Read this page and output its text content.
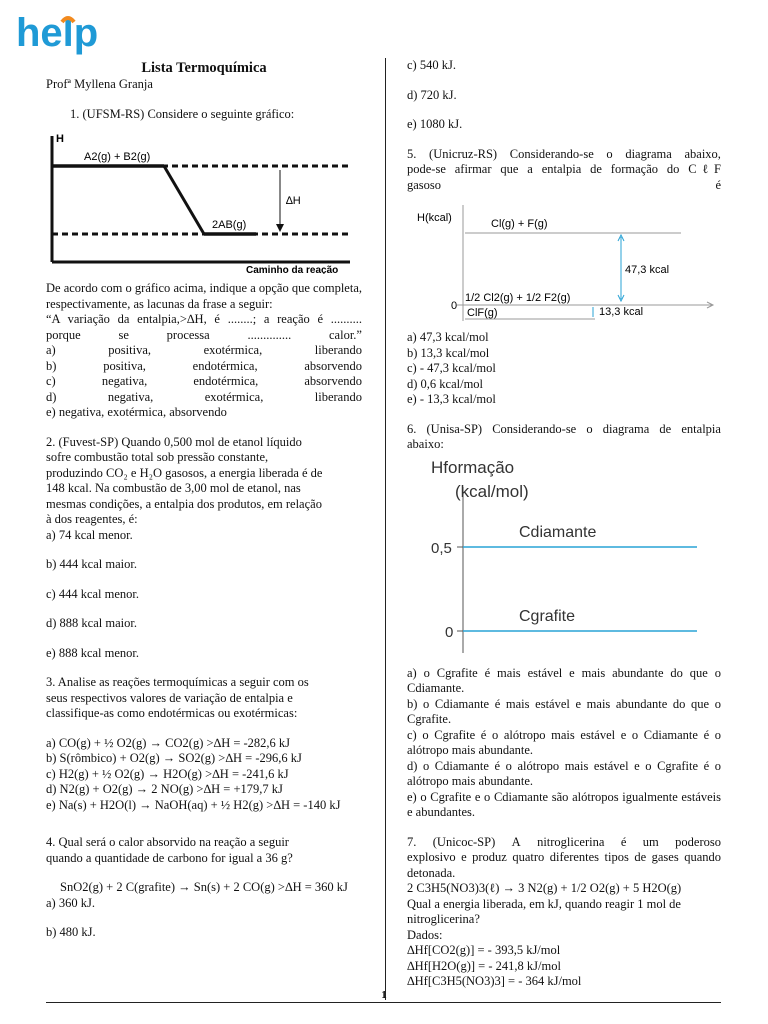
help
Lista Termoquímica

Profª Myllena Granja

1. (UFSM-RS) Considere o seguinte gráfico:

H
A2(g) + B2(g)
∆H
2AB(g)
Caminho da reação

De acordo com o gráfico acima, indique a opção que completa, respectivamente, as lacunas da frase a seguir:

“A variação da entalpia,>∆H, é ........; a reação é ..........

porque	se	processa	..............	calor.”
a)	positiva,	exotérmica,	liberando
b)	positiva,	endotérmica,	absorvendo
c)	negativa,	endotérmica,	absorvendo
d)	negativa,	exotérmica,	liberando

e) negativa, exotérmica, absorvendo

2. (Fuvest-SP) Quando 0,500 mol de etanol líquido

sofre combustão total sob pressão constante,

produzindo CO₂ e H₂O gasosos, a energia liberada é de

148 kcal. Na combustão de 3,00 mol de etanol, nas

mesmas condições, a entalpia dos produtos, em relação

à dos reagentes, é:

a) 74 kcal menor.

b) 444 kcal maior.

c) 444 kcal menor.

d) 888 kcal maior.

e) 888 kcal menor.

3. Analise as reações termoquímicas a seguir com os

seus respectivos valores de variação de entalpia e

classifique-as como endotérmicas ou exotérmicas:

a) CO(g) + ½ O2(g) → CO2(g) >∆H = -282,6 kJ

b) S(rômbico) + O2(g) → SO2(g) >∆H = -296,6 kJ

c) H2(g) + ½ O2(g) → H2O(g) >∆H = -241,6 kJ

d) N2(g) + O2(g) → 2 NO(g) >∆H = +179,7 kJ

e) Na(s) + H2O(l) → NaOH(aq) + ½ H2(g) >∆H = -140 kJ

4. Qual será o calor absorvido na reação a seguir

quando a quantidade de carbono for igual a 36 g?

SnO2(g) + 2 C(grafite) → Sn(s) + 2 CO(g) >∆H = 360 kJ

a) 360 kJ.

b) 480 kJ.

c) 540 kJ.

d) 720 kJ.

e) 1080 kJ.

5. (Unicruz-RS) Considerando-se o diagrama abaixo,

pode-se afirmar que a entalpia de formação do CℓF

gasoso	é
H(kcal)	Cl(g) + F(g)
47,3 kcal
1/2 Cl2(g) + 1/2 F2(g)
0
ClF(g)	13,3 kcal

a) 47,3 kcal/mol

b) 13,3 kcal/mol

c) - 47,3 kcal/mol

d) 0,6 kcal/mol

e) - 13,3 kcal/mol

6. (Unisa-SP) Considerando-se o diagrama de entalpia

abaixo:

Hformação
(kcal/mol)
0,5
0
Cdiamante
Cgrafite

a) o Cgrafite é mais estável e mais abundante do que o Cdiamante.

b) o Cdiamante é mais estável e mais abundante do que o Cgrafite.

c) o Cgrafite é o alótropo mais estável e o Cdiamante é o alótropo mais abundante.

d) o Cdiamante é o alótropo mais estável e o Cgrafite é o alótropo mais abundante.

e) o Cgrafite e o Cdiamante são alótropos igualmente estáveis e abundantes.

7. (Unicoc-SP) A nitroglicerina é um poderoso

explosivo e produz quatro diferentes tipos de gases quando detonada.

2 C3H5(NO3)3(ℓ) → 3 N2(g) + 1/2 O2(g) + 5 H2O(g)

Qual a energia liberada, em kJ, quando reagir 1 mol de nitroglicerina?

Dados:

∆Hf[CO2(g)] = - 393,5 kJ/mol

∆Hf[H2O(g)] = - 241,8 kJ/mol

∆Hf[C3H5(NO3)3] = - 364 kJ/mol

1
